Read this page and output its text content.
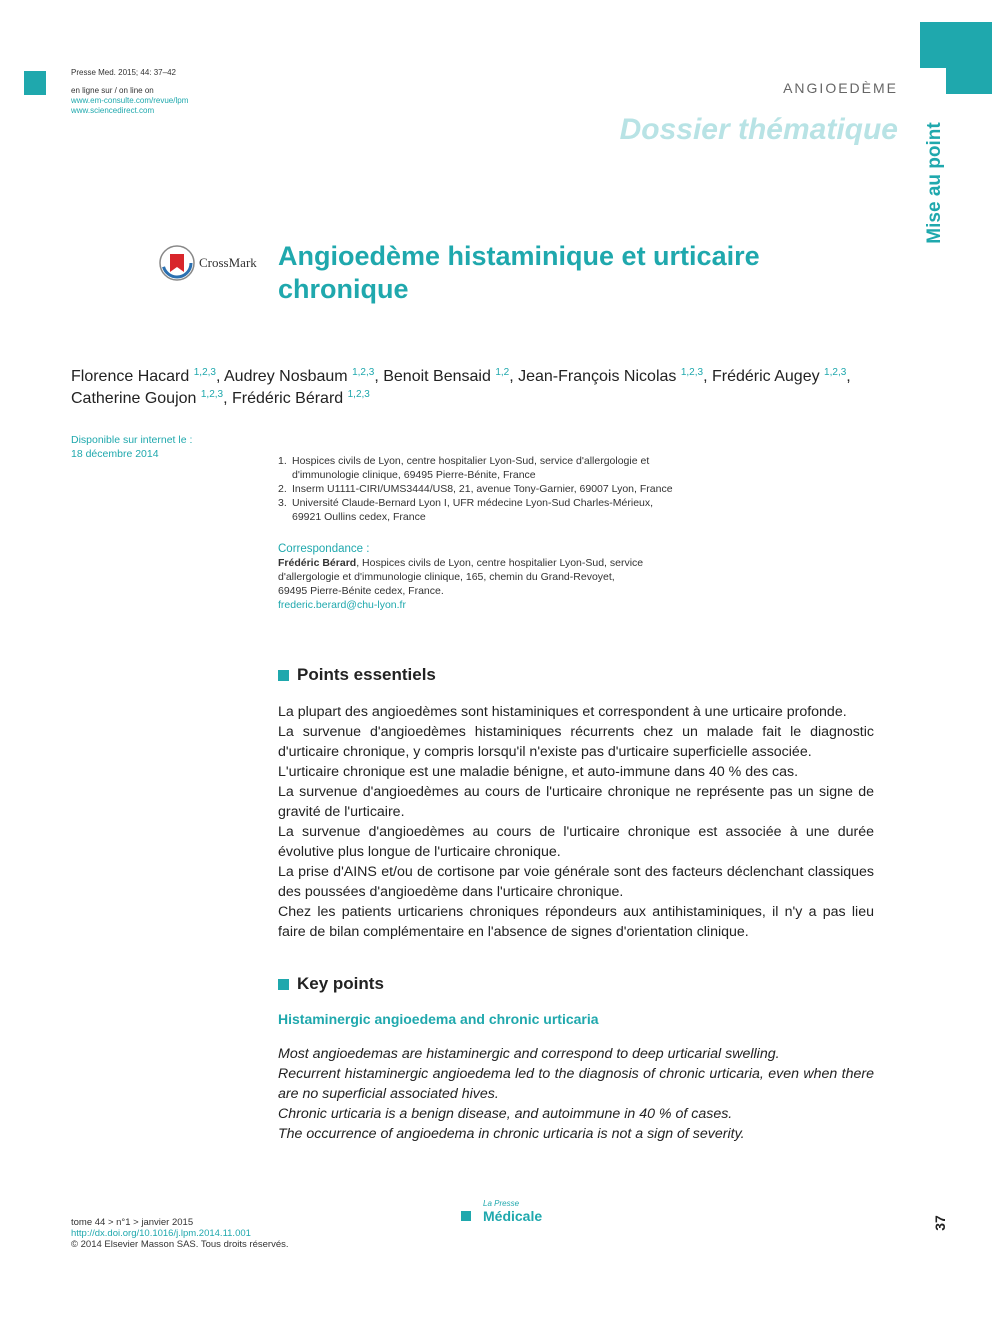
Presse Med. 2015; 44: 37–42
en ligne sur / on line on
www.em-consulte.com/revue/lpm
www.sciencedirect.com
ANGIOEDÈME
Dossier thématique Mise au point
CrossMark Angioedème histaminique et urticaire chronique
Florence Hacard $^{1,2,3}$, Audrey Nosbaum $^{1,2,3}$, Benoit Bensaid $^{1,2}$, Jean-François Nicolas $^{1,2,3}$, Frédéric Augey $^{1,2,3}$,
Catherine Goujon $^{1,2,3}$, Frédéric Bérard $^{1,2,3}$
Disponible sur internet le :
18 décembre 2014
1. Hospices civils de Lyon, centre hospitalier Lyon-Sud, service d'allergologie et
d'immunologie clinique, 69495 Pierre-Bénite, France
2. Inserm U1111-CIRI/UMS3444/US8, 21, avenue Tony-Garnier, 69007 Lyon, France
3. Université Claude-Bernard Lyon I, UFR médecine Lyon-Sud Charles-Mérieux,
69921 Oullins cedex, France
Correspondance :
Frédéric Bérard, Hospices civils de Lyon, centre hospitalier Lyon-Sud, service
d'allergologie et d'immunologie clinique, 165, chemin du Grand-Revoyet,
69495 Pierre-Bénite cedex, France.
frederic.berard@chu-lyon.fr
Points essentiels

La plupart des angioedèmes sont histaminiques et correspondent à une urticaire profonde.

La survenue d'angioedèmes histaminiques récurrents chez un malade fait le diagnostic d'urticaire chronique, y compris lorsqu'il n'existe pas d'urticaire superficielle associée.

L'urticaire chronique est une maladie bénigne, et auto-immune dans 40 % des cas.

La survenue d'angioedèmes au cours de l'urticaire chronique ne représente pas un signe de gravité de l'urticaire.

La survenue d'angioedèmes au cours de l'urticaire chronique est associée à une durée évolutive plus longue de l'urticaire chronique.

La prise d'AINS et/ou de cortisone par voie générale sont des facteurs déclenchant classiques des poussées d'angioedème dans l'urticaire chronique.

Chez les patients urticariens chroniques répondeurs aux antihistaminiques, il n'y a pas lieu faire de bilan complémentaire en l'absence de signes d'orientation clinique.

Key points
Histaminergic angioedema and chronic urticaria

Most angioedemas are histaminergic and correspond to deep urticarial swelling.

Recurrent histaminergic angioedema led to the diagnosis of chronic urticaria, even when there are no superficial associated hives.

Chronic urticaria is a benign disease, and autoimmune in 40 % of cases.

The occurrence of angioedema in chronic urticaria is not a sign of severity.

tome 44 > n°1 > janvier 2015
http://dx.doi.org/10.1016/j.lpm.2014.11.001
© 2014 Elsevier Masson SAS. Tous droits réservés.
La Presse
Médicale	37
